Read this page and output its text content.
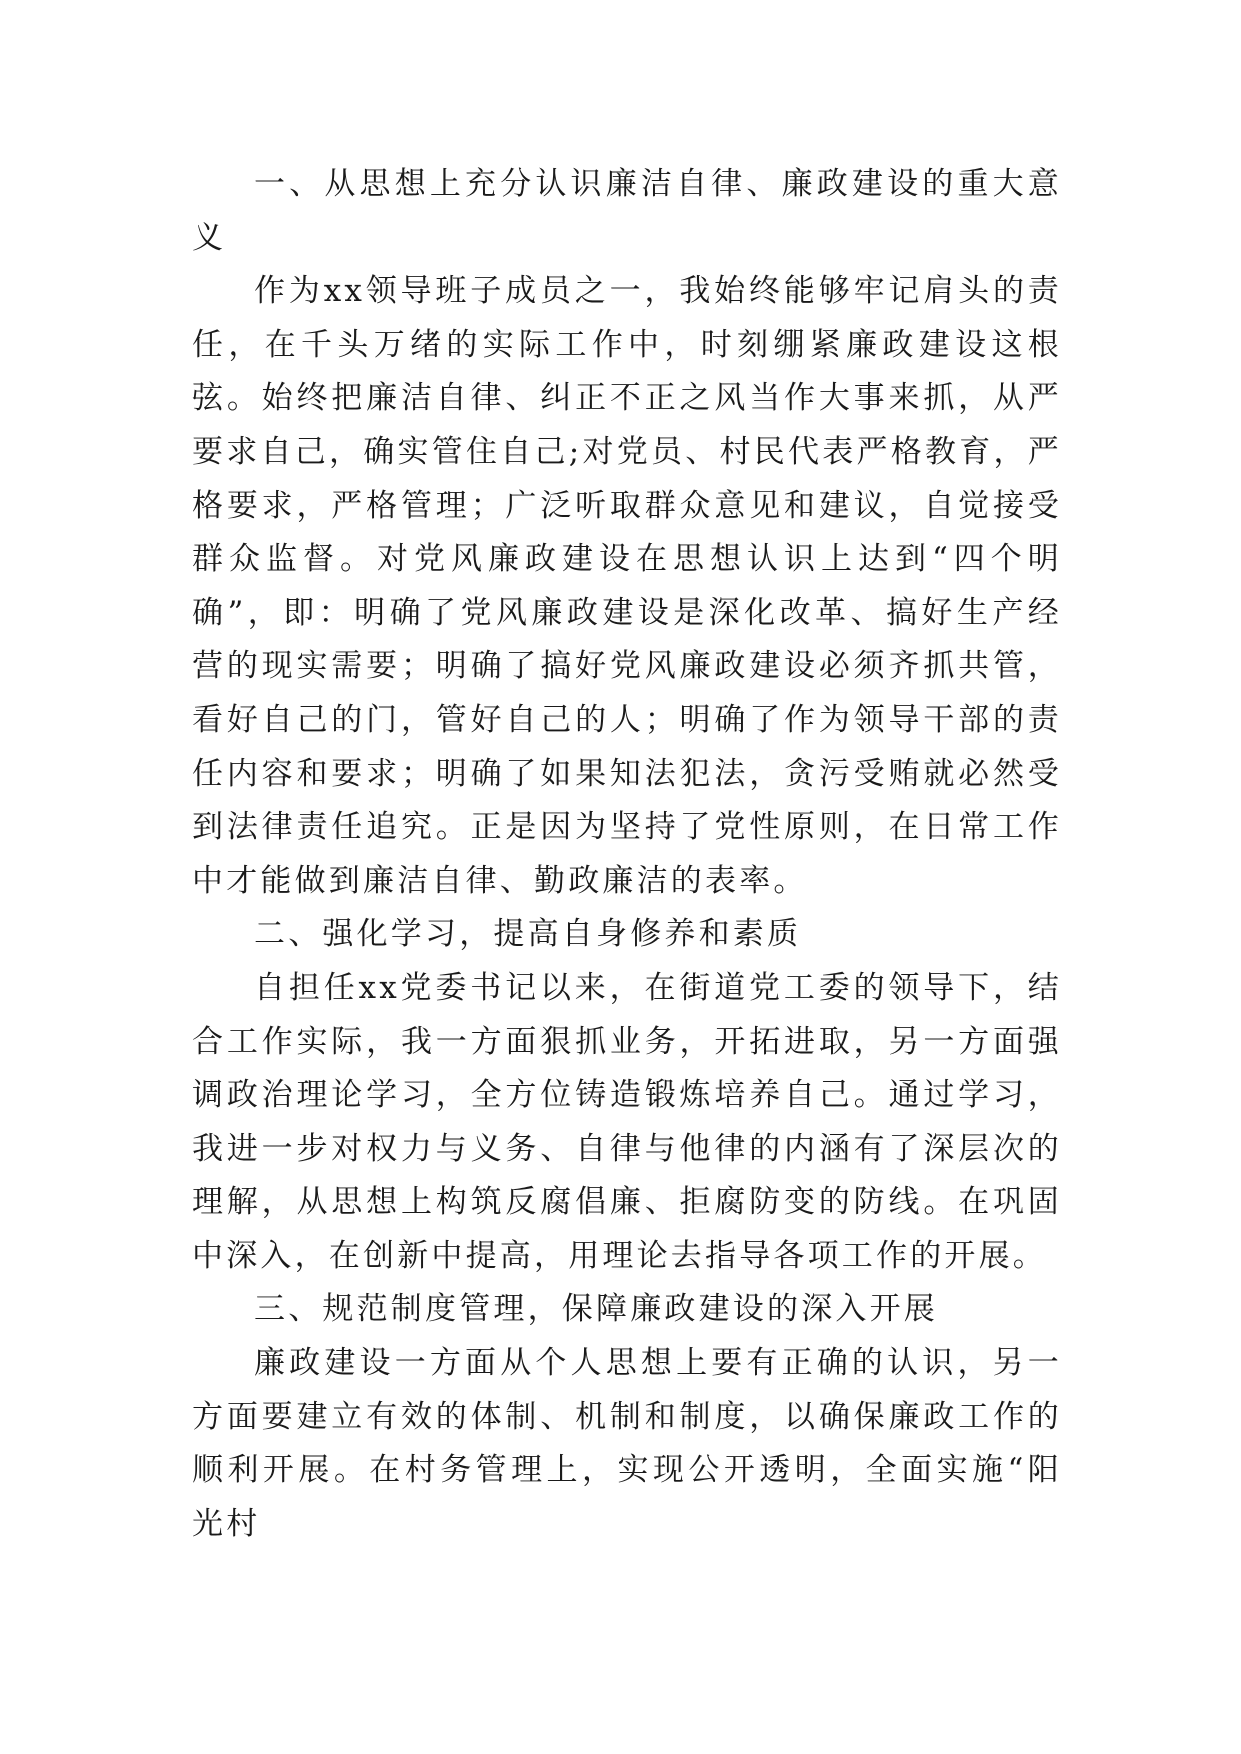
一、从思想上充分认识廉洁自律、廉政建设的重大意义

作为xx领导班子成员之一，我始终能够牢记肩头的责任，在千头万绪的实际工作中，时刻绷紧廉政建设这根弦。始终把廉洁自律、纠正不正之风当作大事来抓，从严要求自己，确实管住自己;对党员、村民代表严格教育，严格要求，严格管理；广泛听取群众意见和建议，自觉接受群众监督。对党风廉政建设在思想认识上达到“四个明确”，即：明确了党风廉政建设是深化改革、搞好生产经营的现实需要；明确了搞好党风廉政建设必须齐抓共管，看好自己的门，管好自己的人；明确了作为领导干部的责任内容和要求；明确了如果知法犯法，贪污受贿就必然受到法律责任追究。正是因为坚持了党性原则，在日常工作中才能做到廉洁自律、勤政廉洁的表率。

二、强化学习，提高自身修养和素质

自担任xx党委书记以来，在街道党工委的领导下，结合工作实际，我一方面狠抓业务，开拓进取，另一方面强调政治理论学习，全方位铸造锻炼培养自己。通过学习，我进一步对权力与义务、自律与他律的内涵有了深层次的理解，从思想上构筑反腐倡廉、拒腐防变的防线。在巩固中深入，在创新中提高，用理论去指导各项工作的开展。

三、规范制度管理，保障廉政建设的深入开展

廉政建设一方面从个人思想上要有正确的认识，另一方面要建立有效的体制、机制和制度，以确保廉政工作的顺利开展。在村务管理上，实现公开透明，全面实施“阳光村
